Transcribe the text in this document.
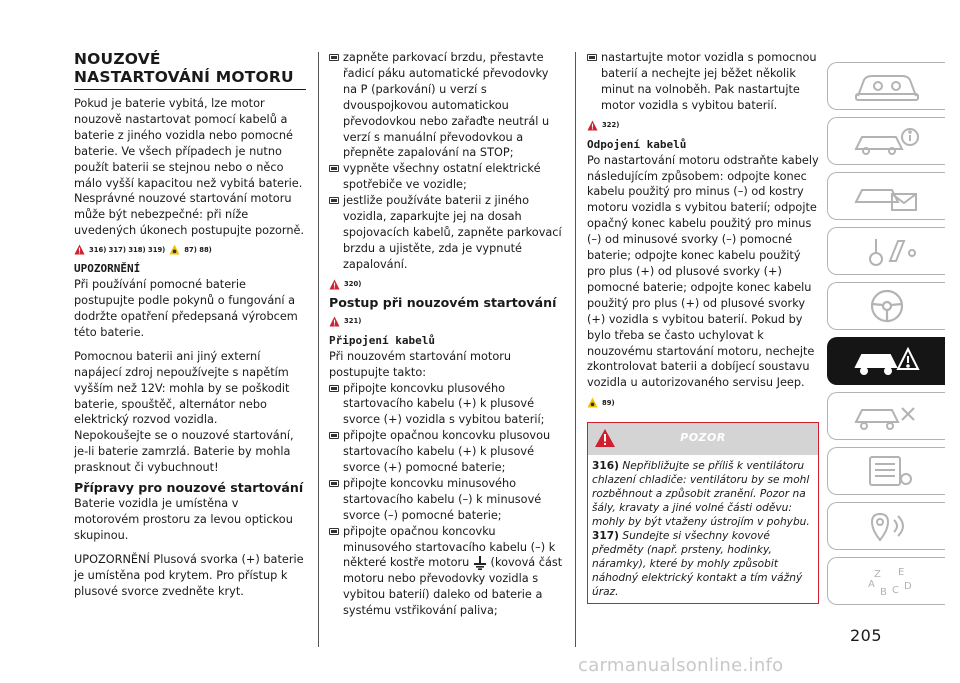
NOUZOVÉ
NASTARTOVÁNÍ MOTORU

Pokud je baterie vybitá, lze motor nouzově nastartovat pomocí kabelů a baterie z jiného vozidla nebo pomocné baterie. Ve všech případech je nutno použít baterii se stejnou nebo o něco málo vyšší kapacitou než vybitá baterie. Nesprávné nouzové startování motoru může být nebezpečné: při níže uvedených úkonech postupujte pozorně.

316) 317) 318) 319)	87) 88)
UPOZORNĚNÍ

Při používání pomocné baterie postupujte podle pokynů o fungování a dodržte opatření předepsaná výrobcem této baterie.

Pomocnou baterii ani jiný externí napájecí zdroj nepoužívejte s napětím vyšším než 12V: mohla by se poškodit baterie, spouštěč, alternátor nebo elektrický rozvod vozidla.

Nepokoušejte se o nouzové startování, je-li baterie zamrzlá. Baterie by mohla prasknout či vybuchnout!

Přípravy pro nouzové startování

Baterie vozidla je umístěna v motorovém prostoru za levou optickou skupinou.

UPOZORNĚNÍ Plusová svorka (+) baterie je umístěna pod krytem. Pro přístup k plusové svorce zvedněte kryt.

zapněte parkovací brzdu, přestavte řadicí páku automatické převodovky na P (parkování) u verzí s dvouspojkovou automatickou převodovkou nebo zařaďte neutrál u verzí s manuální převodovkou a přepněte zapalování na STOP;
vypněte všechny ostatní elektrické spotřebiče ve vozidle;
jestliže používáte baterii z jiného vozidla, zaparkujte jej na dosah spojovacích kabelů, zapněte parkovací brzdu a ujistěte, zda je vypnuté zapalování.
320)
Postup při nouzovém startování
321)
Připojení kabelů

Při nouzovém startování motoru postupujte takto:

připojte koncovku plusového startovacího kabelu (+) k plusové svorce (+) vozidla s vybitou baterií;
připojte opačnou koncovku plusovou startovacího kabelu (+) k plusové svorce (+) pomocné baterie;
připojte koncovku minusového startovacího kabelu (–) k minusové svorce (–) pomocné baterie;
připojte opačnou koncovku minusového startovacího kabelu (–) k některé kostře motoru (kovová část motoru nebo převodovky vozidla s vybitou baterií) daleko od baterie a systému vstřikování paliva;
nastartujte motor vozidla s pomocnou baterií a nechejte jej běžet několik minut na volnoběh. Pak nastartujte motor vozidla s vybitou baterií.
322)
Odpojení kabelů

Po nastartování motoru odstraňte kabely následujícím způsobem: odpojte konec kabelu použitý pro minus (–) od kostry motoru vozidla s vybitou baterií; odpojte opačný konec kabelu použitý pro minus (–) od minusové svorky (–) pomocné baterie; odpojte konec kabelu použitý pro plus (+) od plusové svorky (+) pomocné baterie; odpojte konec kabelu použitý pro plus (+) od plusové svorky (+) vozidla s vybitou baterií. Pokud by bylo třeba se často uchylovat k nouzovému startování motoru, nechejte zkontrolovat baterii a dobíjecí soustavu vozidla u autorizovaného servisu Jeep.

89)
POZOR
316) Nepřibližujte se příliš k ventilátoru chlazení chladiče: ventilátoru by se mohl rozběhnout a způsobit zranění. Pozor na šály, kravaty a jiné volné části oděvu: mohly by být vtaženy ústrojím v pohybu.
317) Sundejte si všechny kovové předměty (např. prsteny, hodinky, náramky), které by mohly způsobit náhodný elektrický kontakt a tím vážný úraz.
Z E
A
B C D
205
carmanualsonline.info
